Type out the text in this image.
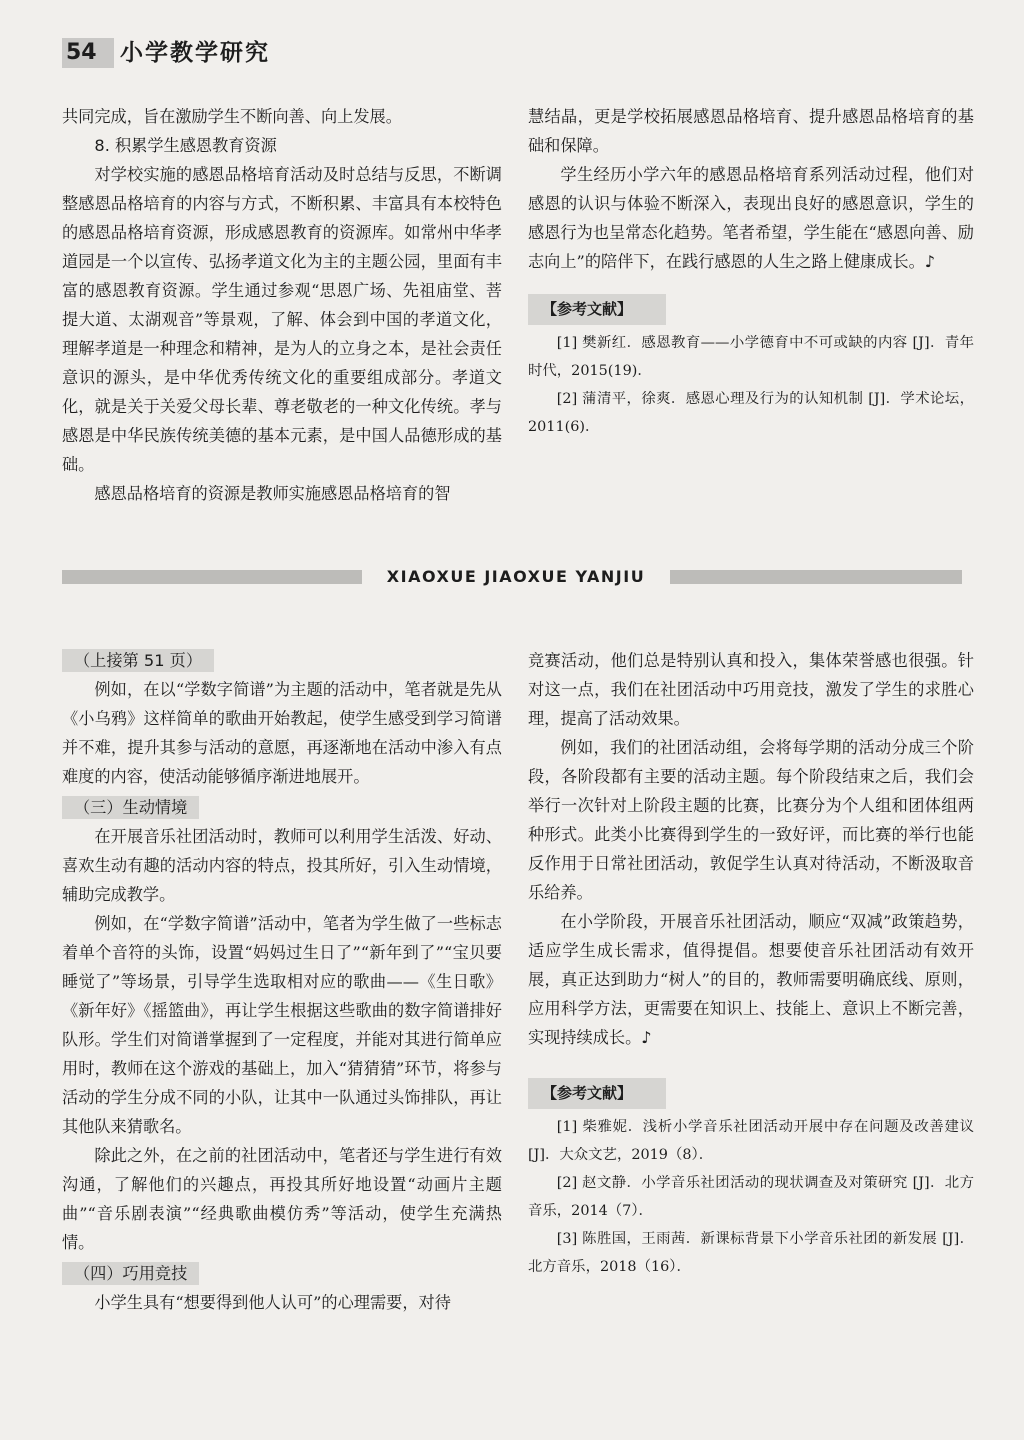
54	小学教学研究

共同完成，旨在激励学生不断向善、向上发展。

8. 积累学生感恩教育资源

对学校实施的感恩品格培育活动及时总结与反思，不断调整感恩品格培育的内容与方式，不断积累、丰富具有本校特色的感恩品格培育资源，形成感恩教育的资源库。如常州中华孝道园是一个以宣传、弘扬孝道文化为主的主题公园，里面有丰富的感恩教育资源。学生通过参观“思恩广场、先祖庙堂、菩提大道、太湖观音”等景观，了解、体会到中国的孝道文化，理解孝道是一种理念和精神，是为人的立身之本，是社会责任意识的源头，是中华优秀传统文化的重要组成部分。孝道文化，就是关于关爱父母长辈、尊老敬老的一种文化传统。孝与感恩是中华民族传统美德的基本元素，是中国人品德形成的基础。

感恩品格培育的资源是教师实施感恩品格培育的智

慧结晶，更是学校拓展感恩品格培育、提升感恩品格培育的基础和保障。

学生经历小学六年的感恩品格培育系列活动过程，他们对感恩的认识与体验不断深入，表现出良好的感恩意识，学生的感恩行为也呈常态化趋势。笔者希望，学生能在“感恩向善、励志向上”的陪伴下，在践行感恩的人生之路上健康成长。♪

【参考文献】

[1] 樊新红．感恩教育——小学德育中不可或缺的内容 [J]．青年时代，2015(19)．

[2] 蒲清平，徐爽．感恩心理及行为的认知机制 [J]．学术论坛，2011(6)．

XIAOXUE JIAOXUE YANJIU

（上接第 51 页）

例如，在以“学数字简谱”为主题的活动中，笔者就是先从《小乌鸦》这样简单的歌曲开始教起，使学生感受到学习简谱并不难，提升其参与活动的意愿，再逐渐地在活动中渗入有点难度的内容，使活动能够循序渐进地展开。

（三）生动情境

在开展音乐社团活动时，教师可以利用学生活泼、好动、喜欢生动有趣的活动内容的特点，投其所好，引入生动情境，辅助完成教学。

例如，在“学数字简谱”活动中，笔者为学生做了一些标志着单个音符的头饰，设置“妈妈过生日了”“新年到了”“宝贝要睡觉了”等场景，引导学生选取相对应的歌曲——《生日歌》《新年好》《摇篮曲》，再让学生根据这些歌曲的数字简谱排好队形。学生们对简谱掌握到了一定程度，并能对其进行简单应用时，教师在这个游戏的基础上，加入“猜猜猜”环节，将参与活动的学生分成不同的小队，让其中一队通过头饰排队，再让其他队来猜歌名。

除此之外，在之前的社团活动中，笔者还与学生进行有效沟通，了解他们的兴趣点，再投其所好地设置“动画片主题曲”“音乐剧表演”“经典歌曲模仿秀”等活动，使学生充满热情。

（四）巧用竞技

小学生具有“想要得到他人认可”的心理需要，对待

竞赛活动，他们总是特别认真和投入，集体荣誉感也很强。针对这一点，我们在社团活动中巧用竞技，激发了学生的求胜心理，提高了活动效果。

例如，我们的社团活动组，会将每学期的活动分成三个阶段，各阶段都有主要的活动主题。每个阶段结束之后，我们会举行一次针对上阶段主题的比赛，比赛分为个人组和团体组两种形式。此类小比赛得到学生的一致好评，而比赛的举行也能反作用于日常社团活动，敦促学生认真对待活动，不断汲取音乐给养。

在小学阶段，开展音乐社团活动，顺应“双减”政策趋势，适应学生成长需求，值得提倡。想要使音乐社团活动有效开展，真正达到助力“树人”的目的，教师需要明确底线、原则，应用科学方法，更需要在知识上、技能上、意识上不断完善，实现持续成长。♪

【参考文献】

[1] 柴雅妮．浅析小学音乐社团活动开展中存在问题及改善建议 [J]．大众文艺，2019（8）．

[2] 赵文静．小学音乐社团活动的现状调查及对策研究 [J]．北方音乐，2014（7）．

[3] 陈胜国，王雨茜．新课标背景下小学音乐社团的新发展 [J]．北方音乐，2018（16）．
